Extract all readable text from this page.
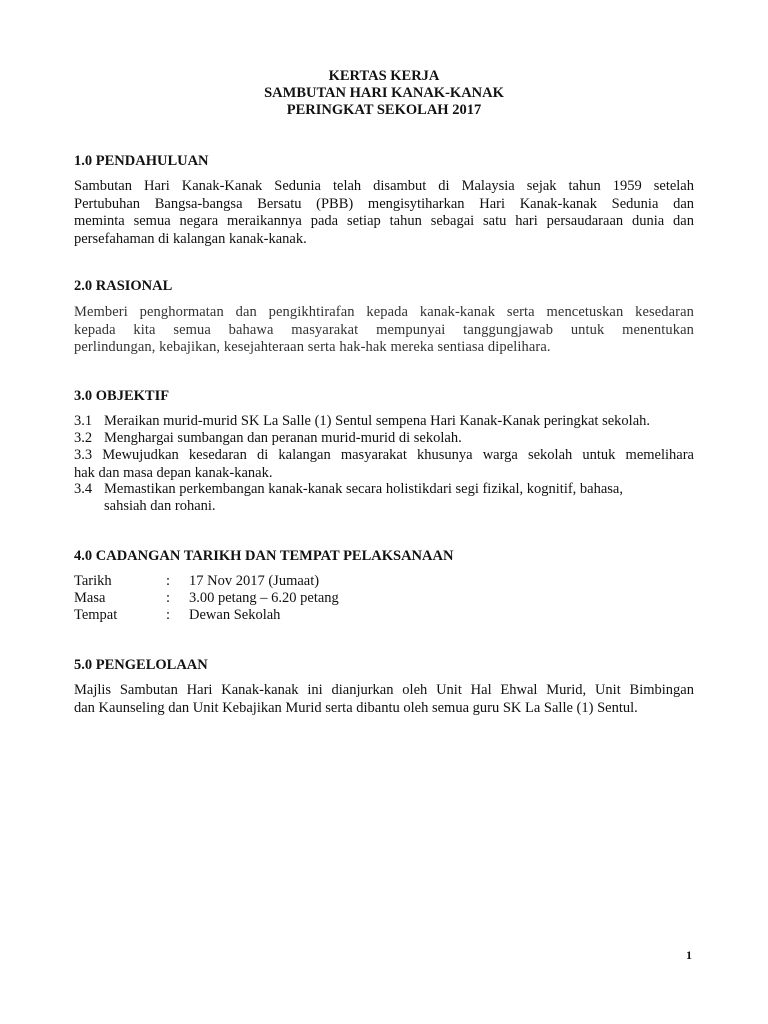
KERTAS KERJA
SAMBUTAN HARI KANAK-KANAK
PERINGKAT SEKOLAH 2017
1.0 PENDAHULUAN
Sambutan Hari Kanak-Kanak Sedunia telah disambut di Malaysia sejak tahun 1959 setelah
Pertubuhan Bangsa-bangsa Bersatu (PBB) mengisytiharkan Hari Kanak-kanak Sedunia dan
meminta semua negara meraikannya pada setiap tahun sebagai satu hari persaudaraan dunia dan
persefahaman di kalangan kanak-kanak.
2.0 RASIONAL
Memberi penghormatan dan pengikhtirafan kepada kanak-kanak serta mencetuskan kesedaran
kepada kita semua bahawa masyarakat mempunyai tanggungjawab untuk menentukan
perlindungan, kebajikan, kesejahteraan serta hak-hak mereka sentiasa dipelihara.
3.0 OBJEKTIF
3.1 Meraikan murid-murid SK La Salle (1) Sentul sempena Hari Kanak-Kanak peringkat sekolah.
3.2 Menghargai sumbangan dan peranan murid-murid di sekolah.
3.3 Mewujudkan kesedaran di kalangan masyarakat khusunya warga sekolah untuk memelihara
hak dan masa depan kanak-kanak.
3.4 Memastikan perkembangan kanak-kanak secara holistikdari segi fizikal, kognitif, bahasa,
sahsiah dan rohani.
4.0 CADANGAN TARIKH DAN TEMPAT PELAKSANAAN
Tarikh	: 17 Nov 2017 (Jumaat)
Masa	: 3.00 petang – 6.20 petang
Tempat	: Dewan Sekolah
5.0 PENGELOLAAN
Majlis Sambutan Hari Kanak-kanak ini dianjurkan oleh Unit Hal Ehwal Murid, Unit Bimbingan
dan Kaunseling dan Unit Kebajikan Murid serta dibantu oleh semua guru SK La Salle (1) Sentul.
1
